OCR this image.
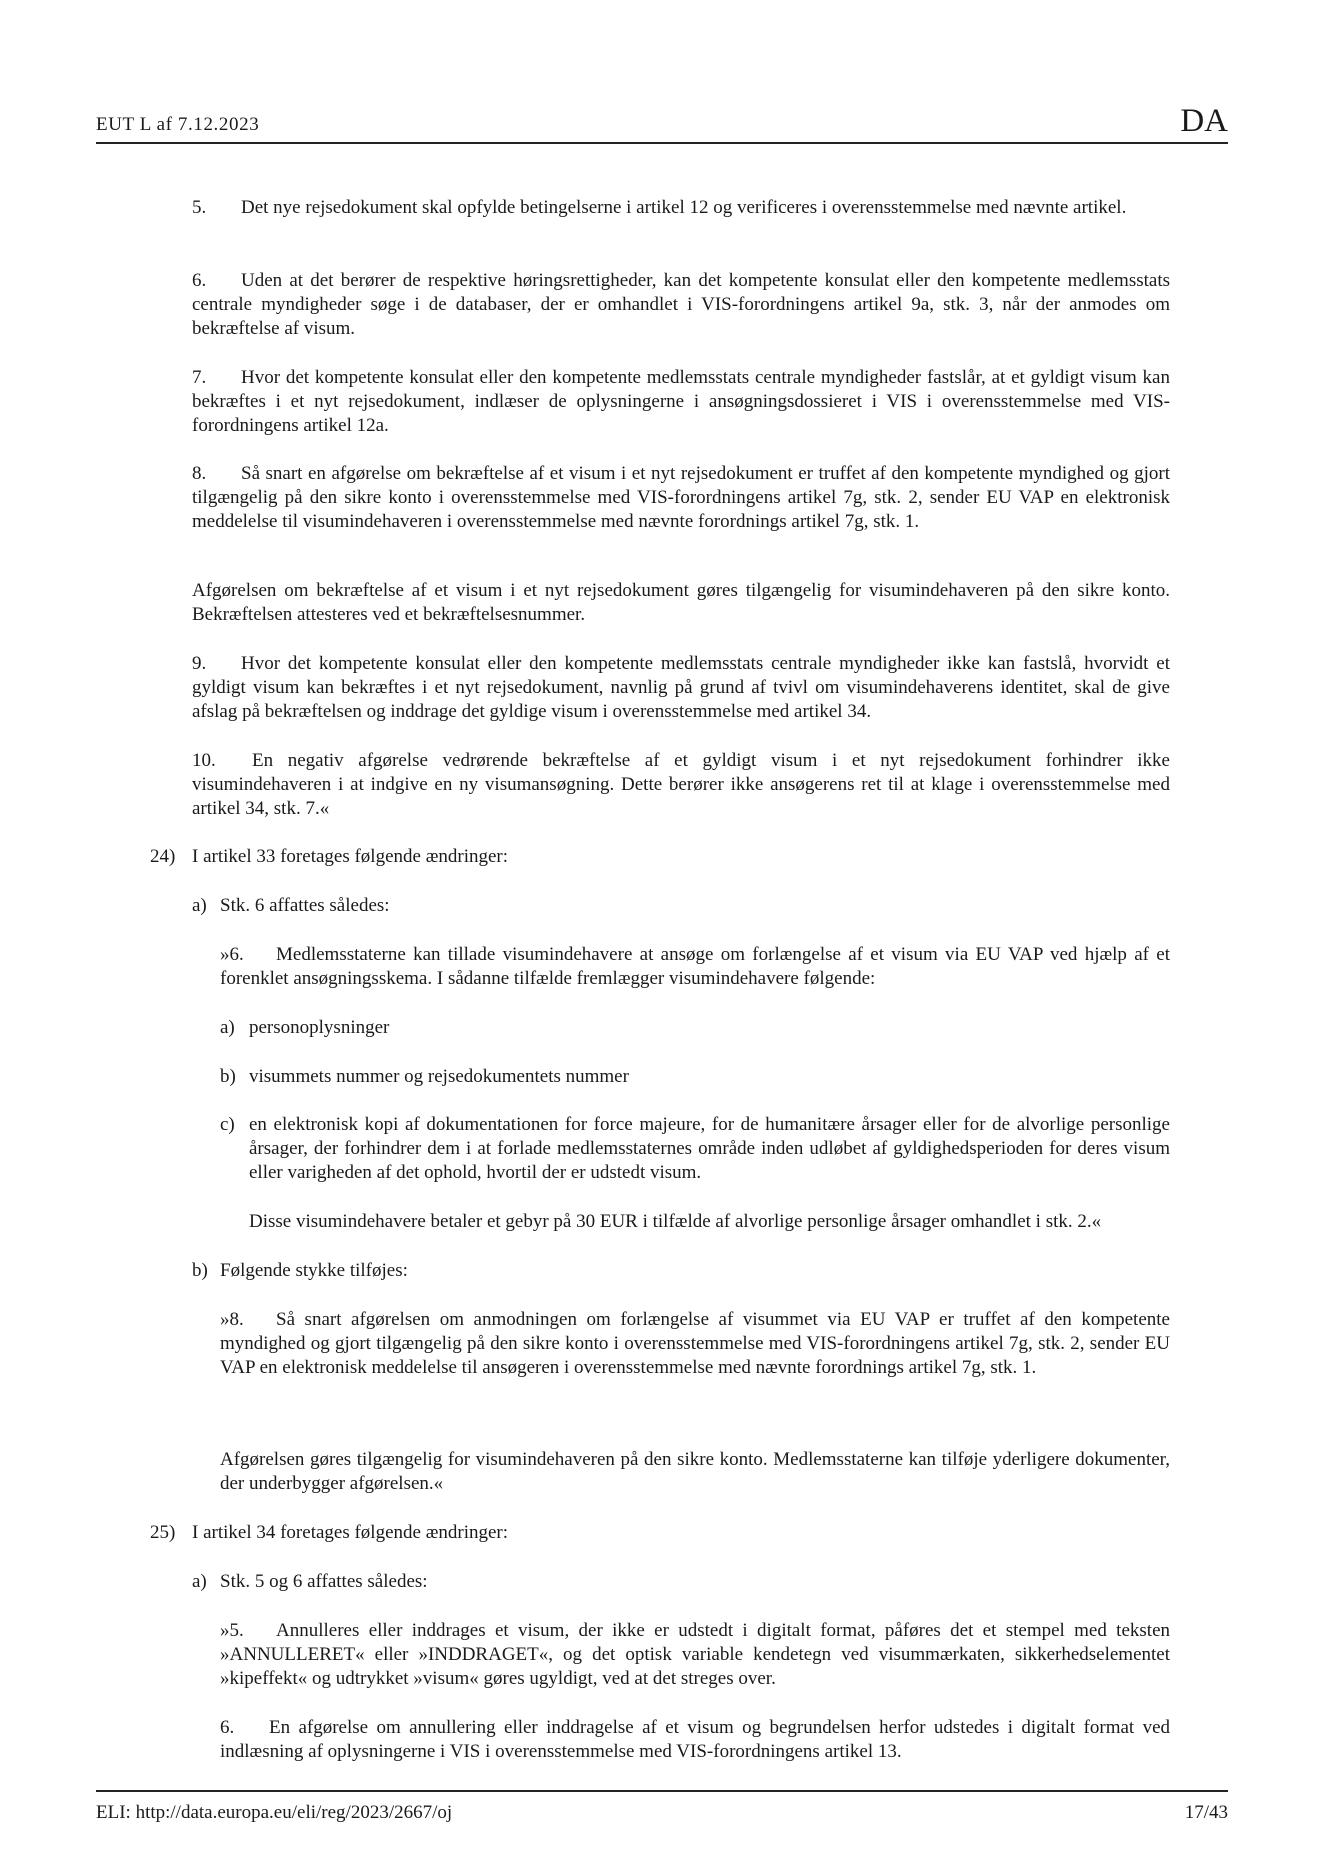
EUT L af 7.12.2023	DA

5. Det nye rejsedokument skal opfylde betingelserne i artikel 12 og verificeres i overensstemmelse med nævnte artikel.

6. Uden at det berører de respektive høringsrettigheder, kan det kompetente konsulat eller den kompetente medlemsstats centrale myndigheder søge i de databaser, der er omhandlet i VIS-forordningens artikel 9a, stk. 3, når der anmodes om bekræftelse af visum.

7. Hvor det kompetente konsulat eller den kompetente medlemsstats centrale myndigheder fastslår, at et gyldigt visum kan bekræftes i et nyt rejsedokument, indlæser de oplysningerne i ansøgningsdossieret i VIS i overensstemmelse med VIS-forordningens artikel 12a.

8. Så snart en afgørelse om bekræftelse af et visum i et nyt rejsedokument er truffet af den kompetente myndighed og gjort tilgængelig på den sikre konto i overensstemmelse med VIS-forordningens artikel 7g, stk. 2, sender EU VAP en elektronisk meddelelse til visumindehaveren i overensstemmelse med nævnte forordnings artikel 7g, stk. 1.

Afgørelsen om bekræftelse af et visum i et nyt rejsedokument gøres tilgængelig for visumindehaveren på den sikre konto. Bekræftelsen attesteres ved et bekræftelsesnummer.

9. Hvor det kompetente konsulat eller den kompetente medlemsstats centrale myndigheder ikke kan fastslå, hvorvidt et gyldigt visum kan bekræftes i et nyt rejsedokument, navnlig på grund af tvivl om visumindehaverens identitet, skal de give afslag på bekræftelsen og inddrage det gyldige visum i overensstemmelse med artikel 34.

10. En negativ afgørelse vedrørende bekræftelse af et gyldigt visum i et nyt rejsedokument forhindrer ikke visumindehaveren i at indgive en ny visumansøgning. Dette berører ikke ansøgerens ret til at klage i overensstemmelse med artikel 34, stk. 7.«

24) I artikel 33 foretages følgende ændringer:
a) Stk. 6 affattes således:

»6. Medlemsstaterne kan tillade visumindehavere at ansøge om forlængelse af et visum via EU VAP ved hjælp af et forenklet ansøgningsskema. I sådanne tilfælde fremlægger visumindehavere følgende:

a) personoplysninger
b) visummets nummer og rejsedokumentets nummer
c) en elektronisk kopi af dokumentationen for force majeure, for de humanitære årsager eller for de alvorlige personlige årsager, der forhindrer dem i at forlade medlemsstaternes område inden udløbet af gyldighedsperioden for deres visum eller varigheden af det ophold, hvortil der er udstedt visum.

Disse visumindehavere betaler et gebyr på 30 EUR i tilfælde af alvorlige personlige årsager omhandlet i stk. 2.«

b) Følgende stykke tilføjes:

»8. Så snart afgørelsen om anmodningen om forlængelse af visummet via EU VAP er truffet af den kompetente myndighed og gjort tilgængelig på den sikre konto i overensstemmelse med VIS-forordningens artikel 7g, stk. 2, sender EU VAP en elektronisk meddelelse til ansøgeren i overensstemmelse med nævnte forordnings artikel 7g, stk. 1.

Afgørelsen gøres tilgængelig for visumindehaveren på den sikre konto. Medlemsstaterne kan tilføje yderligere dokumenter, der underbygger afgørelsen.«

25) I artikel 34 foretages følgende ændringer:
a) Stk. 5 og 6 affattes således:

»5. Annulleres eller inddrages et visum, der ikke er udstedt i digitalt format, påføres det et stempel med teksten »ANNULLERET« eller »INDDRAGET«, og det optisk variable kendetegn ved visummærkaten, sikkerhedselementet »kipeffekt« og udtrykket »visum« gøres ugyldigt, ved at det streges over.

6. En afgørelse om annullering eller inddragelse af et visum og begrundelsen herfor udstedes i digitalt format ved indlæsning af oplysningerne i VIS i overensstemmelse med VIS-forordningens artikel 13.

ELI: http://data.europa.eu/eli/reg/2023/2667/oj	17/43
